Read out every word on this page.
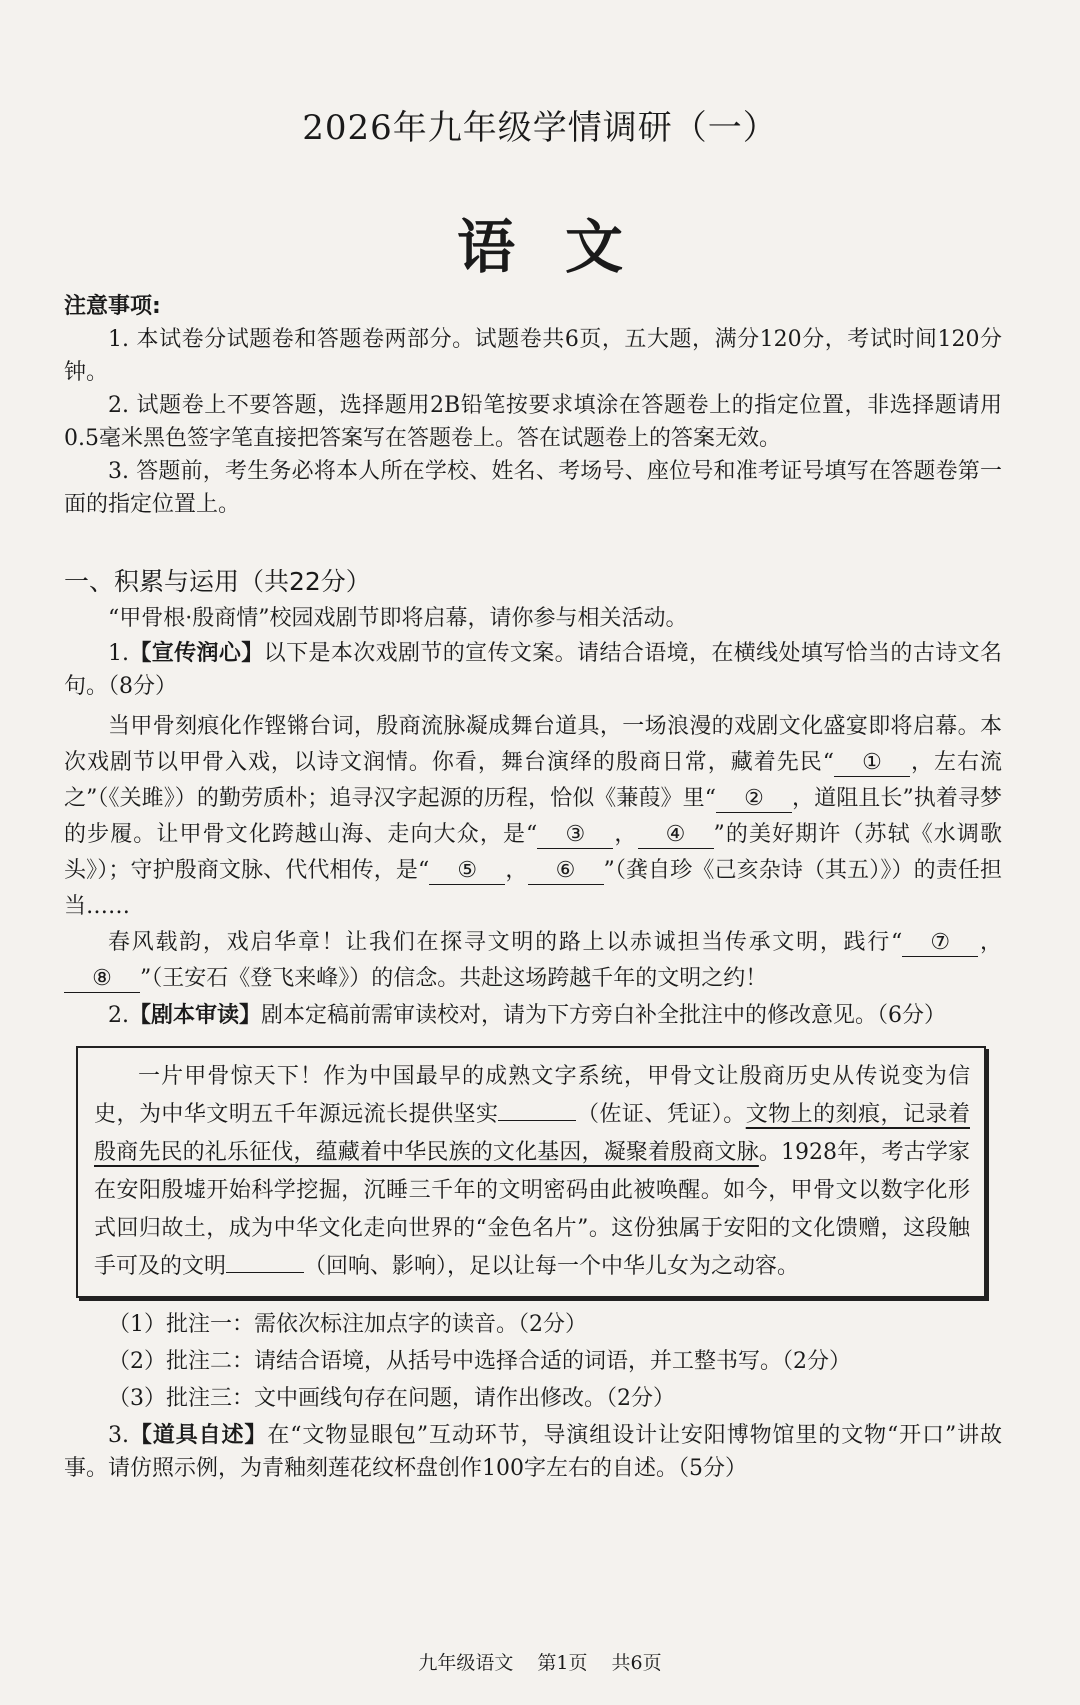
2026年九年级学情调研（一）
语文

注意事项:

1. 本试卷分试题卷和答题卷两部分。试题卷共6页，五大题，满分120分，考试时间120分钟。

2. 试题卷上不要答题，选择题用2B铅笔按要求填涂在答题卷上的指定位置，非选择题请用0.5毫米黑色签字笔直接把答案写在答题卷上。答在试题卷上的答案无效。

3. 答题前，考生务必将本人所在学校、姓名、考场号、座位号和准考证号填写在答题卷第一面的指定位置上。

一、积累与运用（共22分）

“甲骨根·殷商情”校园戏剧节即将启幕，请你参与相关活动。

1.【宣传润心】以下是本次戏剧节的宣传文案。请结合语境，在横线处填写恰当的古诗文名句。（8分）

当甲骨刻痕化作铿锵台词，殷商流脉凝成舞台道具，一场浪漫的戏剧文化盛宴即将启幕。本次戏剧节以甲骨入戏，以诗文润情。你看，舞台演绎的殷商日常，藏着先民“ ① ，左右流之”（《关雎》）的勤劳质朴；追寻汉字起源的历程，恰似《蒹葭》里“ ② ，道阻且长”执着寻梦的步履。让甲骨文化跨越山海、走向大众，是“ ③ ， ④ ”的美好期许（苏轼《水调歌头》）；守护殷商文脉、代代相传，是“ ⑤ ， ⑥ ”（龚自珍《己亥杂诗（其五）》）的责任担当……

春风载韵，戏启华章！让我们在探寻文明的路上以赤诚担当传承文明，践行“ ⑦ ，⑧ ”（王安石《登飞来峰》）的信念。共赴这场跨越千年的文明之约！

2.【剧本审读】剧本定稿前需审读校对，请为下方旁白补全批注中的修改意见。（6分）

一片甲骨惊天下！作为中国最早的成熟文字系统，甲骨文让殷商历史从传说变为信史，为中华文明五千年源远流长提供坚实	（佐证、凭证）。文物上的刻痕，记录着殷商先民的礼乐征伐，蕴藏着中华民族的文化基因，凝聚着殷商文脉。1928年，考古学家在安阳殷墟开始科学挖掘，沉睡三千年的文明密码由此被唤醒。如今，甲骨文以数字化形式回归故土，成为中华文化走向世界的“金色名片”。这份独属于安阳的文化馈赠，这段触手可及的文明	（回响、影响），足以让每一个中华儿女为之动容。

（1）批注一：需依次标注加点字的读音。（2分）

（2）批注二：请结合语境，从括号中选择合适的词语，并工整书写。（2分）

（3）批注三：文中画线句存在问题，请作出修改。（2分）

3.【道具自述】在“文物显眼包”互动环节，导演组设计让安阳博物馆里的文物“开口”讲故事。请仿照示例，为青釉刻莲花纹杯盘创作100字左右的自述。（5分）

九年级语文 第1页 共6页
